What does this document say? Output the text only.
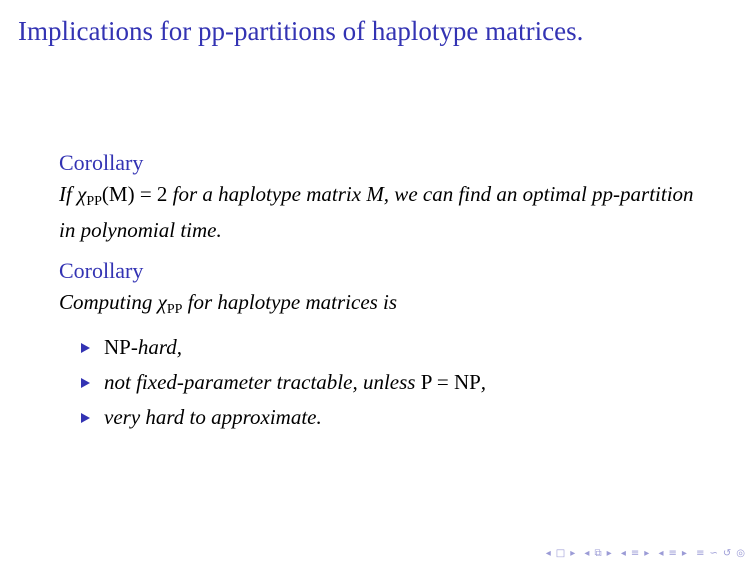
Implications for pp-partitions of haplotype matrices.
Corollary
If $\chi_{PP}(M) = 2$ for a haplotype matrix M, we can find an optimal pp-partition in polynomial time.
Corollary
Computing $\chi_{PP}$ for haplotype matrices is
NP-hard,
not fixed-parameter tractable, unless P = NP,
very hard to approximate.
◂ □ ▸ ◂ ⧉ ▸ ◂ ≡ ▸ ◂ ≡ ▸ ≡ ∽ ↺ ◎
